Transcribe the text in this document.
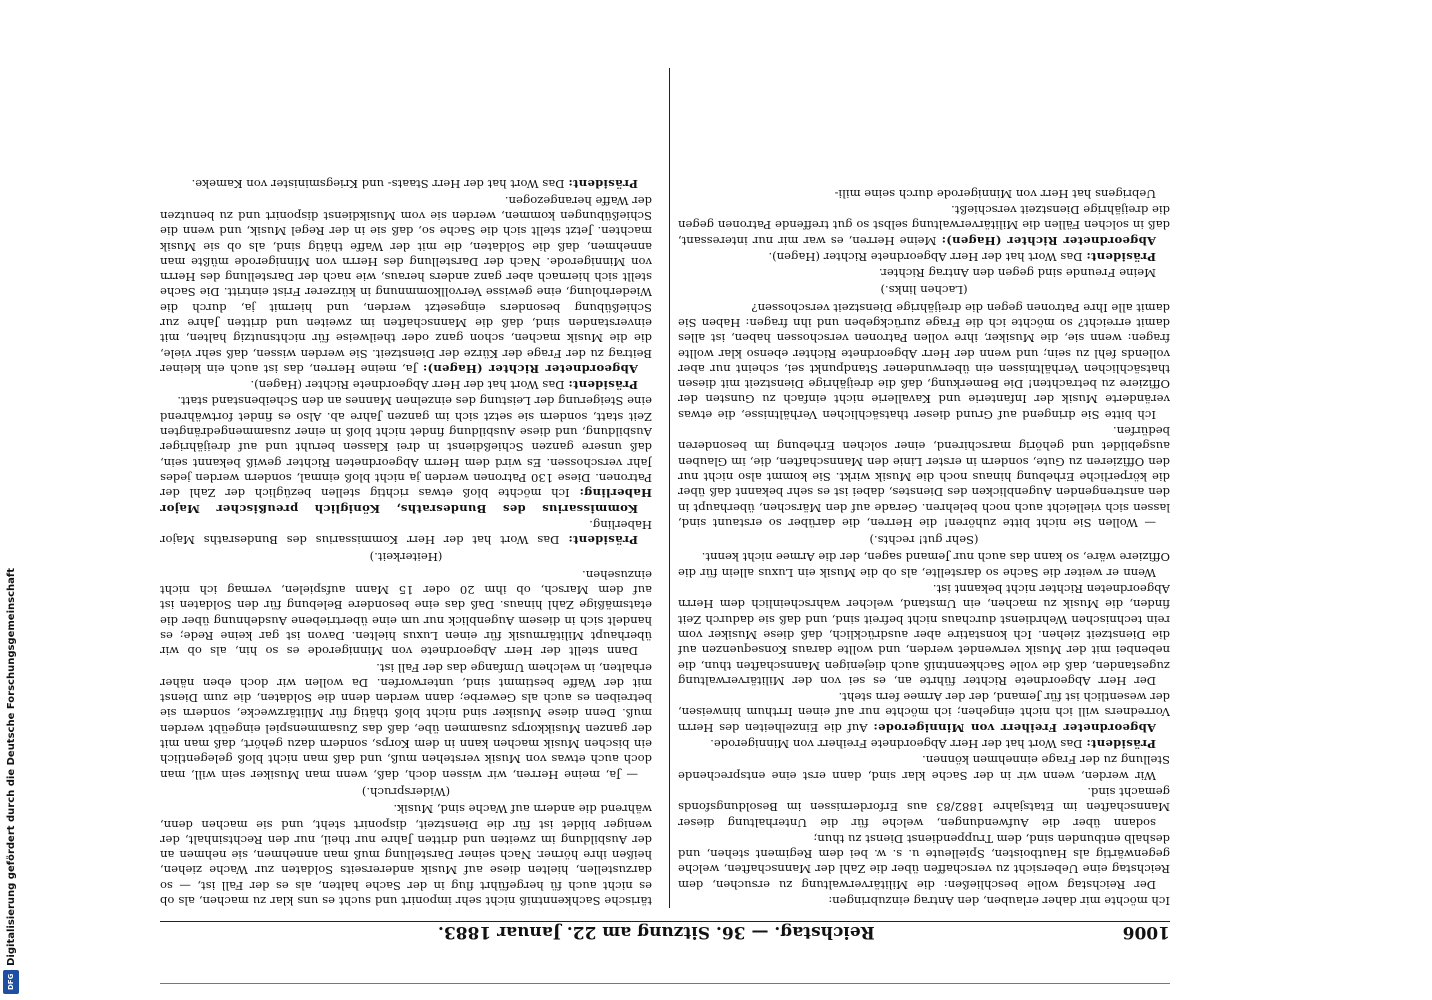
1006
Reichstag. — 36. Sitzung am 22. Januar 1883.

Ich möchte mir daher erlauben, den Antrag einzubringen:

Der Reichstag wolle beschließen: die Militärverwaltung zu ersuchen, dem Reichstag eine Uebersicht zu verschaffen über die Zahl der Mannschaften, welche gegenwärtig als Hautboisten, Spielleute u. s. w. bei dem Regiment stehen, und deshalb entbunden sind, dem Truppendienst Dienst zu thun;

sodann über die Aufwendungen, welche für die Unterhaltung dieser Mannschaften im Etatsjahre 1882/83 aus Erfordernissen im Besoldungsfonds gemacht sind.

Wir werden, wenn wir in der Sache klar sind, dann erst eine entsprechende Stellung zu der Frage einnehmen können.

Präsident: Das Wort hat der Herr Abgeordnete Freiherr von Minnigerode.

Abgeordneter Freiherr von Minnigerode: Auf die Einzelheiten des Herrn Vorredners will ich nicht eingehen; ich möchte nur auf einen Irrthum hinweisen, der wesentlich ist für Jemand, der der Armee fern steht.

Der Herr Abgeordnete Richter führte an, es sei von der Militärverwaltung zugestanden, daß die volle Sachkenntniß auch diejenigen Mannschaften thun, die nebenbei mit der Musik verwendet werden, und wollte daraus Konsequenzen auf die Dienstzeit ziehen. Ich konstatire aber ausdrücklich, daß diese Musiker vom rein technischen Wehrdienst durchaus nicht befreit sind, und daß sie dadurch Zeit finden, die Musik zu machen, ein Umstand, welcher wahrscheinlich dem Herrn Abgeordneten Richter nicht bekannt ist.

Wenn er weiter die Sache so darstellte, als ob die Musik ein Luxus allein für die Offiziere wäre, so kann das auch nur Jemand sagen, der die Armee nicht kennt.

(Sehr gut! rechts.)

— Wollen Sie nicht bitte zuhören! die Herren, die darüber so erstaunt sind, lassen sich vielleicht auch noch belehren. Gerade auf den Märschen, überhaupt in den anstrengenden Augenblicken des Dienstes, dabei ist es sehr bekannt daß über die körperliche Erhebung hinaus noch die Musik wirkt. Sie kommt also nicht nur den Offizieren zu Gute, sondern in erster Linie den Mannschaften, die, im Glauben ausgebildet und gehörig marschirend, einer solchen Erhebung im besonderen bedürfen.

Ich bitte Sie dringend auf Grund dieser thatsächlichen Verhältnisse, die etwas veränderte Musik der Infanterie und Kavallerie nicht einfach zu Gunsten der Offiziere zu betrachten! Die Bemerkung, daß die dreijährige Dienstzeit mit diesen thatsächlichen Verhältnissen ein überwundener Standpunkt sei, scheint nur aber vollends fehl zu sein; und wenn der Herr Abgeordnete Richter ebenso klar wollte fragen: wenn sie, die Musiker, ihre vollen Patronen verschossen haben, ist alles damit erreicht? so möchte ich die Frage zurückgeben und ihn fragen: Haben Sie damit alle Ihre Patronen gegen die dreijährige Dienstzeit verschossen?

(Lachen links.)

Meine Freunde sind gegen den Antrag Richter.

Präsident: Das Wort hat der Herr Abgeordnete Richter (Hagen).

Abgeordneter Richter (Hagen): Meine Herren, es war mir nur interessant, daß in solchen Fällen die Militärverwaltung selbst so gut treffende Patronen gegen die dreijährige Dienstzeit verschießt.

Uebrigens hat Herr von Minnigerode durch seine mili-

tärische Sachkenntniß nicht sehr imponirt und sucht es uns klar zu machen, als ob es nicht auch fü hergeführt flug in der Sache halten, als es der Fall ist, — so darzustellen, hielten diese auf Musik andererseits Soldaten zur Wache ziehen, heißen ihre hörner. Nach seiner Darstellung muß man annehmen, sie nehmen an der Ausbildung im zweiten und dritten Jahre nur theil, nur den Rechtsinhalt, der weniger bildet ist für die Dienstzeit, disponirt steht, und sie machen denn, während die andern auf Wache sind, Musik.

(Widerspruch.)

— Ja, meine Herren, wir wissen doch, daß, wenn man Musiker sein will, man doch auch etwas von Musik verstehen muß, und daß man nicht bloß gelegentlich ein bischen Musik machen kann in dem Korps, sondern dazu gehört, daß man mit der ganzen Musikkorps zusammen übe, daß das Zusammenspiel eingeübt werden muß. Denn diese Musiker sind nicht bloß thätig für Militärzwecke, sondern sie betreiben es auch als Gewerbe; dann werden denn die Soldaten, die zum Dienst mit der Waffe bestimmt sind, unterworfen. Da wollen wir doch eben näher erhalten, in welchem Umfange das der Fall ist.

Dann stellt der Herr Abgeordnete von Minnigerode es so hin, als ob wir überhaupt Militärmusik für einen Luxus hielten. Davon ist gar keine Rede; es handelt sich in diesem Augenblick nur um eine übertriebene Ausdehnung über die etatsmäßige Zahl hinaus. Daß das eine besondere Belebung für den Soldaten ist auf dem Marsch, ob ihm 20 oder 15 Mann aufspielen, vermag ich nicht einzusehen.

(Heiterkeit.)

Präsident: Das Wort hat der Herr Kommissarius des Bundesraths Major Haberling.

Kommissarius des Bundesraths, Königlich preußischer Major Haberling: Ich möchte bloß etwas richtig stellen bezüglich der Zahl der Patronen. Diese 130 Patronen werden ja nicht bloß einmal, sondern werden jedes Jahr verschossen. Es wird dem Herrn Abgeordneten Richter gewiß bekannt sein, daß unsere ganzen Schießdienst in drei Klassen beruht und auf dreijähriger Ausbildung, und diese Ausbildung findet nicht bloß in einer zusammengedrängten Zeit statt, sondern sie setzt sich im ganzen Jahre ab. Also es findet fortwährend eine Steigerung der Leistung des einzelnen Mannes an den Scheibenstand statt.

Präsident: Das Wort hat der Herr Abgeordnete Richter (Hagen).

Abgeordneter Richter (Hagen): Ja, meine Herren, das ist auch ein kleiner Beitrag zu der Frage der Kürze der Dienstzeit. Sie werden wissen, daß sehr viele, die die Musik machen, schon ganz oder theilweise für nichtsnutzig halten, mit einverstanden sind, daß die Mannschaften im zweiten und dritten Jahre zur Schießübung besonders eingesetzt werden, und hiermit ja, durch die Wiederholung, eine gewisse Vervollkommnung in kürzerer Frist eintritt. Die Sache stellt sich hiernach aber ganz anders heraus, wie nach der Darstellung des Herrn von Minnigerode. Nach der Darstellung des Herrn von Minnigerode müßte man annehmen, daß die Soldaten, die mit der Waffe thätig sind, als ob sie Musik machten. Jetzt stellt sich die Sache so, daß sie in der Regel Musik, und wenn die Schießübungen kommen, werden sie vom Musikdienst disponirt und zu benutzen der Waffe herangezogen.

Präsident: Das Wort hat der Herr Staats- und Kriegsminister von Kameke.

DFG
Digitalisierung gefördert durch die Deutsche Forschungsgemeinschaft
